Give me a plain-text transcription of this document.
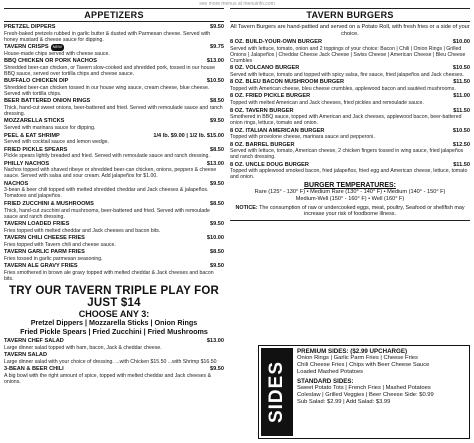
see more menus at menuinfo.com
APPETIZERS
PRETZEL DIPPERS	$9.50
Fresh-baked pretzels rubbed in garlic butter & dusted with Parmesan cheese. Served with honey mustard & cheese sauce for dipping.
TAVERN CRISPS	NEW	$9.75
House-made chips served with cheese sauce.
BBQ CHICKEN OR PORK NACHOS	$13.00
Shredded beer-can chicken, or Tavern slow-cooked and shredded pork, tossed in our house BBQ sauce, served over tortilla chips and cheese sauce.
BUFFALO CHICKEN DIP	$10.50
Shredded beer-can chicken tossed in our house wing sauce, cream cheese, blue cheese. Served with tortilla chips.
BEER BATTERED ONION RINGS	$8.50
Thick, hand-cut sweet onions, beer-battered and fried. Served with remoulade sauce and ranch dressing.
MOZZARELLA STICKS	$9.50
Served with marinara sauce for dipping.
PEEL & EAT SHRIMP	1/4 lb. $9.00 | 1/2 lb. $15.00
Served with cocktail sauce and lemon wedge.
FRIED PICKLE SPEARS	$8.50
Pickle spears lightly breaded and fried. Served with remoulade sauce and ranch dressing.
PHILLY NACHOS	$13.00
Nachos topped with shaved ribeye or shredded beer-can chicken, onions, peppers & cheese sauce. Served with salsa and sour cream. Add jalapeños for $1.00.
NACHOS	$9.50
3-bean & beer chili topped with melted shredded cheddar and Jack cheeses & jalapeños. Tomatoes and jalapeños.
FRIED ZUCCHINI & MUSHROOMS	$8.50
Thick, hand-cut zucchini and mushrooms, beer-battered and fried. Served with remoulade sauce and ranch dressing.
TAVERN LOADED FRIES	$9.50
Fries topped with melted cheddar and Jack cheeses and bacon bits.
TAVERN CHILI CHEESE FRIES	$10.00
Fries topped with Tavern chili and cheese sauce.
TAVERN GARLIC PARM FRIES	$8.50
Fries tossed in garlic parmesan seasoning.
TAVERN ALE GRAVY FRIES	$9.50
Fries smothered in brown ale gravy topped with melted cheddar & Jack cheeses and bacon bits.
TRY OUR TAVERN TRIPLE PLAY FOR JUST $14
CHOOSE ANY 3:
Pretzel Dippers | Mozzarella Sticks | Onion Rings
Fried Pickle Spears | Fried Zucchini | Fried Mushrooms
TAVERN CHEF SALAD	$13.00
Large dinner salad topped with ham, bacon, Jack & cheddar cheese.
TAVERN SALAD
Large dinner salad with your choice of dressing. ...with Chicken $15.50 ...with Shrimp $16.50
3-BEAN & BEER CHILI	$9.50
A big bowl with the right amount of spice, topped with melted cheddar and Jack cheeses & onions.
TAVERN BURGERS
All Tavern Burgers are hand-pattied and served on a Potato Roll, with fresh fries or a side of your choice.
8 OZ. BUILD-YOUR-OWN BURGER	$10.00
Served with lettuce, tomato, onion and 2 toppings of your choice: Bacon | Chili | Onion Rings | Grilled Onions | Jalapeños | Cheddar Cheese Jack Cheese | Swiss Cheese | American Cheese | Bleu Cheese Crumbles
8 OZ. VOLCANO BURGER	$10.50
Served with lettuce, tomato and topped with spicy salsa, fire sauce, fried jalapeños and Jack cheeses.
8 OZ. BLEU BACON MUSHROOM BURGER	$11.50
Topped with American cheese, bleu cheese crumbles, applewood bacon and sautéed mushrooms.
8 OZ. FRIED PICKLE BURGER	$11.00
Topped with melted American and Jack cheeses, fried pickles and remoulade sauce.
8 OZ. TAVERN BURGER	$11.50
Smothered in BBQ sauce, topped with American and Jack cheeses, applewood bacon, beer-battered onion rings, lettuce, tomato and onion.
8 OZ. ITALIAN AMERICAN BURGER	$10.50
Topped with provolone cheese, marinara sauce and pepperoni.
8 OZ. BARREL BURGER	$12.50
Served with lettuce, tomato, American cheese, 2 chicken fingers tossed in wing sauce, fried jalapeños and ranch dressing.
8 OZ. UNCLE DOUG BURGER	$11.50
Topped with applewood smoked bacon, fried jalapeños, fried egg and American cheese, lettuce, tomato and onion.
BURGER TEMPERATURES:
Rare (125° - 130° F) • Medium Rare (130° - 140° F) • Medium (140° - 150° F)
Medium-Well (150° - 160° F) • Well (160° F)
NOTICE: The consumption of raw or undercooked eggs, meat, poultry, Seafood or shellfish may increase your risk of foodborne illness.
SIDES
PREMIUM SIDES: ($2.99 UPCHARGE)
Onion Rings | Garlic Parm Fries | Cheese Fries
Chili Cheese Fries | Chips with Beer Cheese Sauce
Loaded Mashed Potatoes
STANDARD SIDES:
Sweet Potato Tots | French Fries | Mashed Potatoes
Coleslaw | Grilled Veggies | Beer Cheese Side: $0.99
Sub Salad: $2.99 | Add Salad: $3.99
